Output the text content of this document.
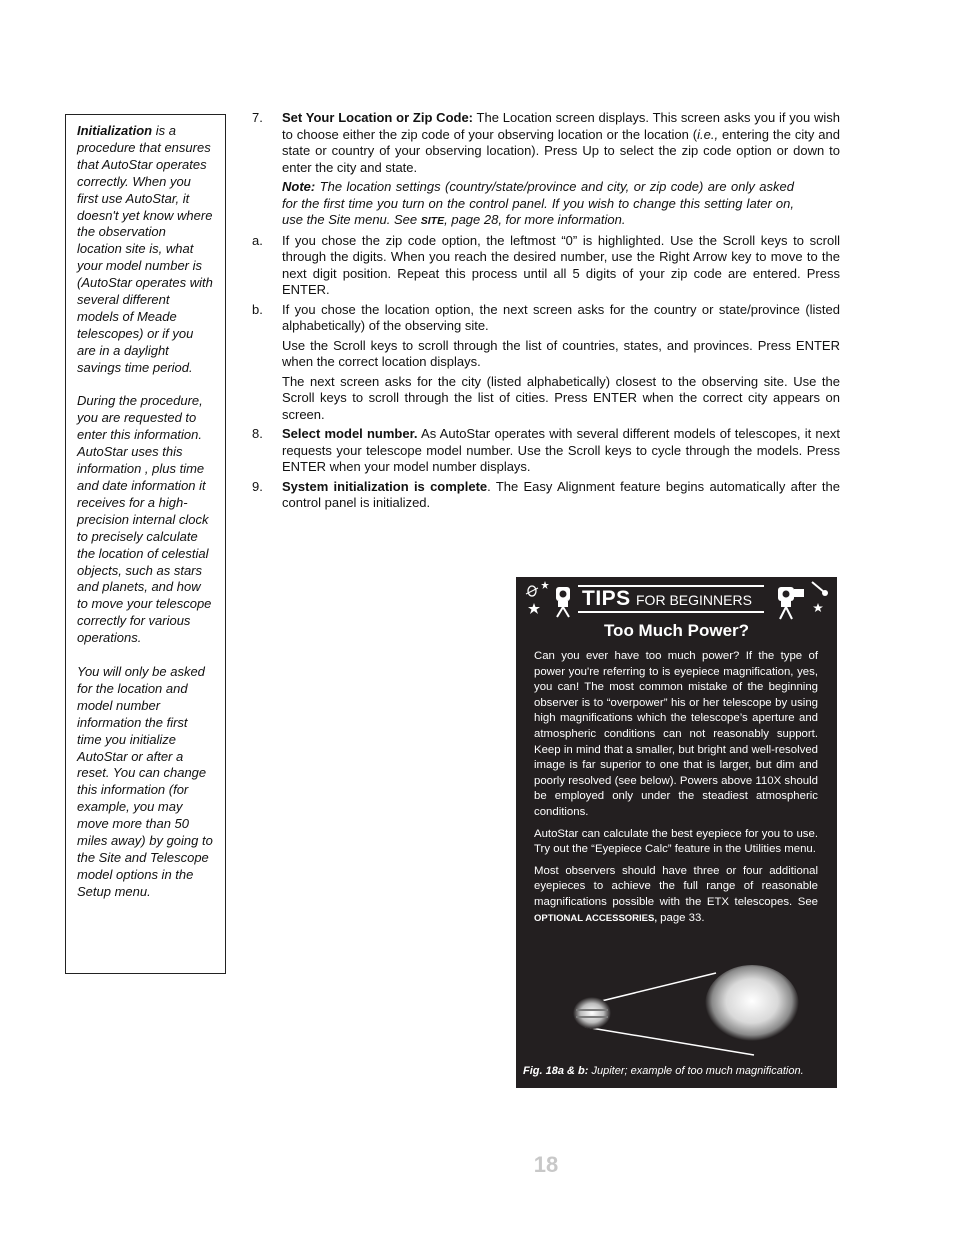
Initialization is a procedure that ensures that AutoStar operates correctly. When you first use AutoStar, it doesn't yet know where the observation location site is, what your model number is (AutoStar operates with several different models of Meade telescopes) or if you are in a daylight savings time period.

During the procedure, you are requested to enter this information. AutoStar uses this information , plus time and date information it receives for a high-precision internal clock to precisely calculate the location of celestial objects, such as stars and planets, and how to move your telescope correctly for various operations.

You will only be asked for the location and model number information the first time you initialize AutoStar or after a reset. You can change this information (for example, you may move more than 50 miles away) by going to the Site and Telescope model options in the Setup menu.

7. Set Your Location or Zip Code: The Location screen displays. This screen asks you if you wish to choose either the zip code of your observing location or the location (i.e., entering the city and state or country of your observing location). Press Up to select the zip code option or down to enter the city and state.

Note: The location settings (country/state/province and city, or zip code) are only asked for the first time you turn on the control panel. If you wish to change this setting later on, use the Site menu. See SITE, page 28, for more information.

a. If you chose the zip code option, the leftmost “0” is highlighted. Use the Scroll keys to scroll through the digits. When you reach the desired number, use the Right Arrow key to move to the next digit position. Repeat this process until all 5 digits of your zip code are entered. Press ENTER.

b. If you chose the location option, the next screen asks for the country or state/province (listed alphabetically) of the observing site.

Use the Scroll keys to scroll through the list of countries, states, and provinces. Press ENTER when the correct location displays.

The next screen asks for the city (listed alphabetically) closest to the observing site. Use the Scroll keys to scroll through the list of cities. Press ENTER when the correct city appears on screen.

8. Select model number. As AutoStar operates with several different models of telescopes, it next requests your telescope model number. Use the Scroll keys to cycle through the models. Press ENTER when your model number displays.

9. System initialization is complete. The Easy Alignment feature begins automatically after the control panel is initialized.

TIPS FOR BEGINNERS
Too Much Power?

Can you ever have too much power? If the type of power you're referring to is eyepiece magnification, yes, you can! The most common mistake of the beginning observer is to “overpower” his or her telescope by using high magnifications which the telescope’s aperture and atmospheric conditions can not reasonably support. Keep in mind that a smaller, but bright and well-resolved image is far superior to one that is larger, but dim and poorly resolved (see below). Powers above 110X should be employed only under the steadiest atmospheric conditions.

AutoStar can calculate the best eyepiece for you to use. Try out the “Eyepiece Calc” feature in the Utilities menu.

Most observers should have three or four additional eyepieces to achieve the full range of reasonable magnifications possible with the ETX telescopes. See OPTIONAL ACCESSORIES, page 33.

Fig. 18a & b: Jupiter; example of too much magnification.
18
